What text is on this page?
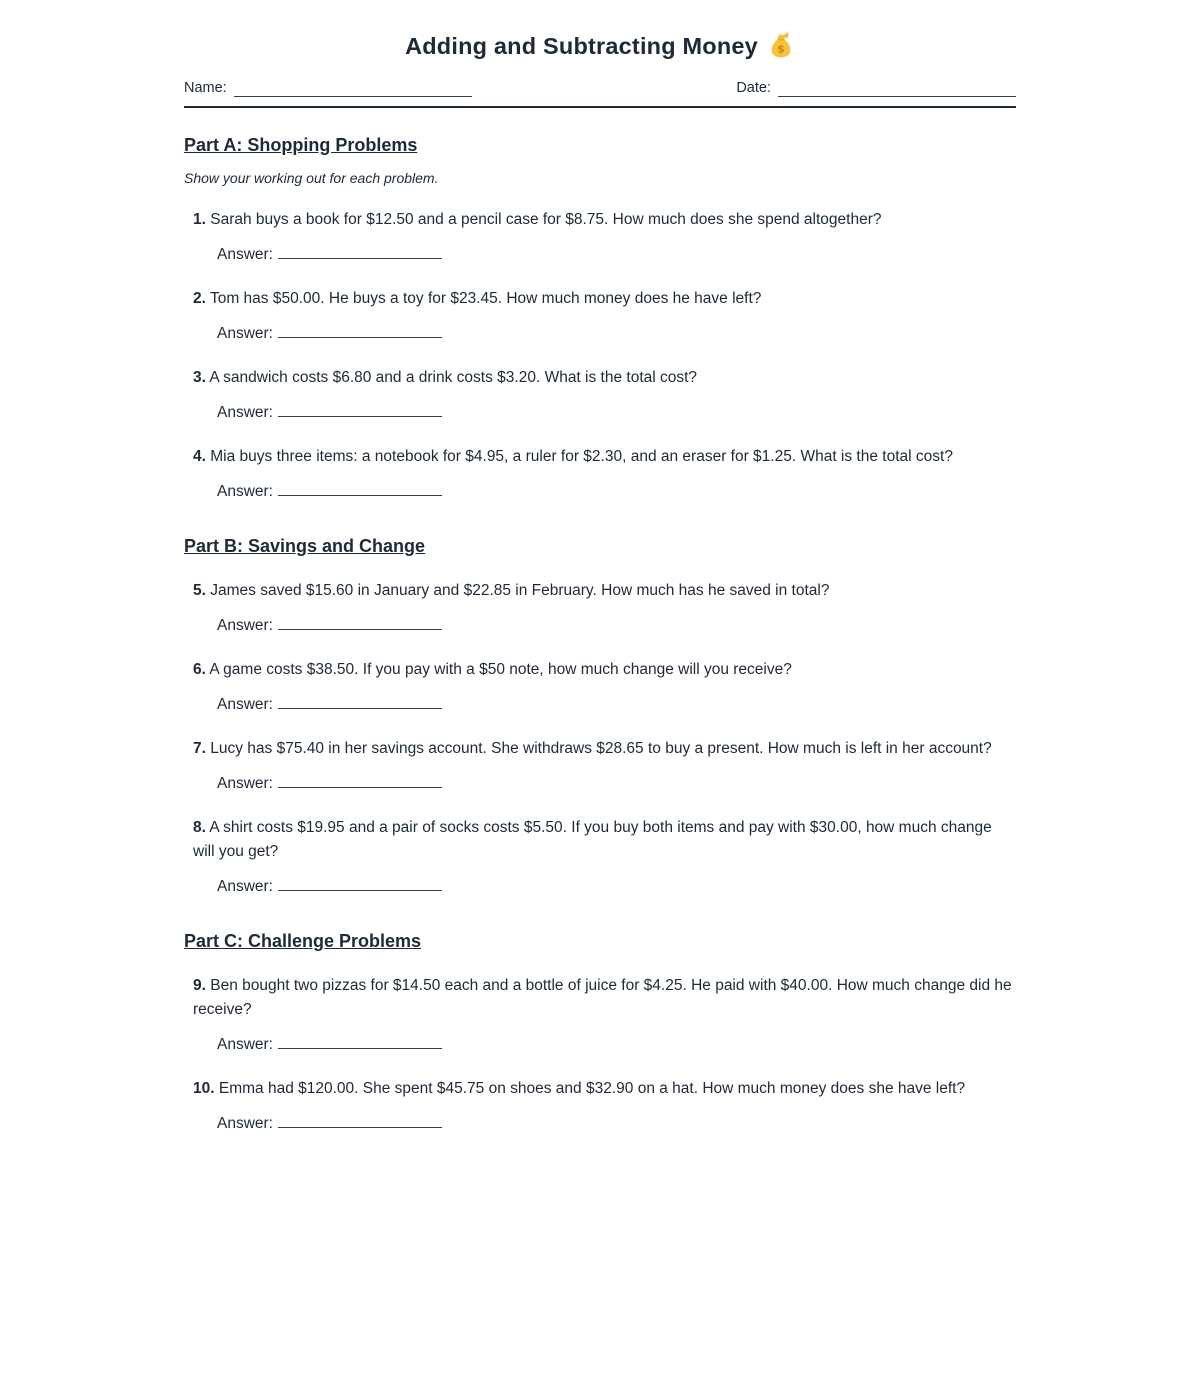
Adding and Subtracting Money $
Name:	Date:
Part A: Shopping Problems

Show your working out for each problem.

1. Sarah buys a book for $12.50 and a pencil case for $8.75. How much does she spend altogether?
Answer:
2. Tom has $50.00. He buys a toy for $23.45. How much money does he have left?
Answer:
3. A sandwich costs $6.80 and a drink costs $3.20. What is the total cost?
Answer:
4. Mia buys three items: a notebook for $4.95, a ruler for $2.30, and an eraser for $1.25. What is the total cost?
Answer:
Part B: Savings and Change
5. James saved $15.60 in January and $22.85 in February. How much has he saved in total?
Answer:
6. A game costs $38.50. If you pay with a $50 note, how much change will you receive?
Answer:
7. Lucy has $75.40 in her savings account. She withdraws $28.65 to buy a present. How much is left in her account?
Answer:
8. A shirt costs $19.95 and a pair of socks costs $5.50. If you buy both items and pay with $30.00, how much change will you get?
Answer:
Part C: Challenge Problems
9. Ben bought two pizzas for $14.50 each and a bottle of juice for $4.25. He paid with $40.00. How much change did he receive?
Answer:
10. Emma had $120.00. She spent $45.75 on shoes and $32.90 on a hat. How much money does she have left?
Answer:
